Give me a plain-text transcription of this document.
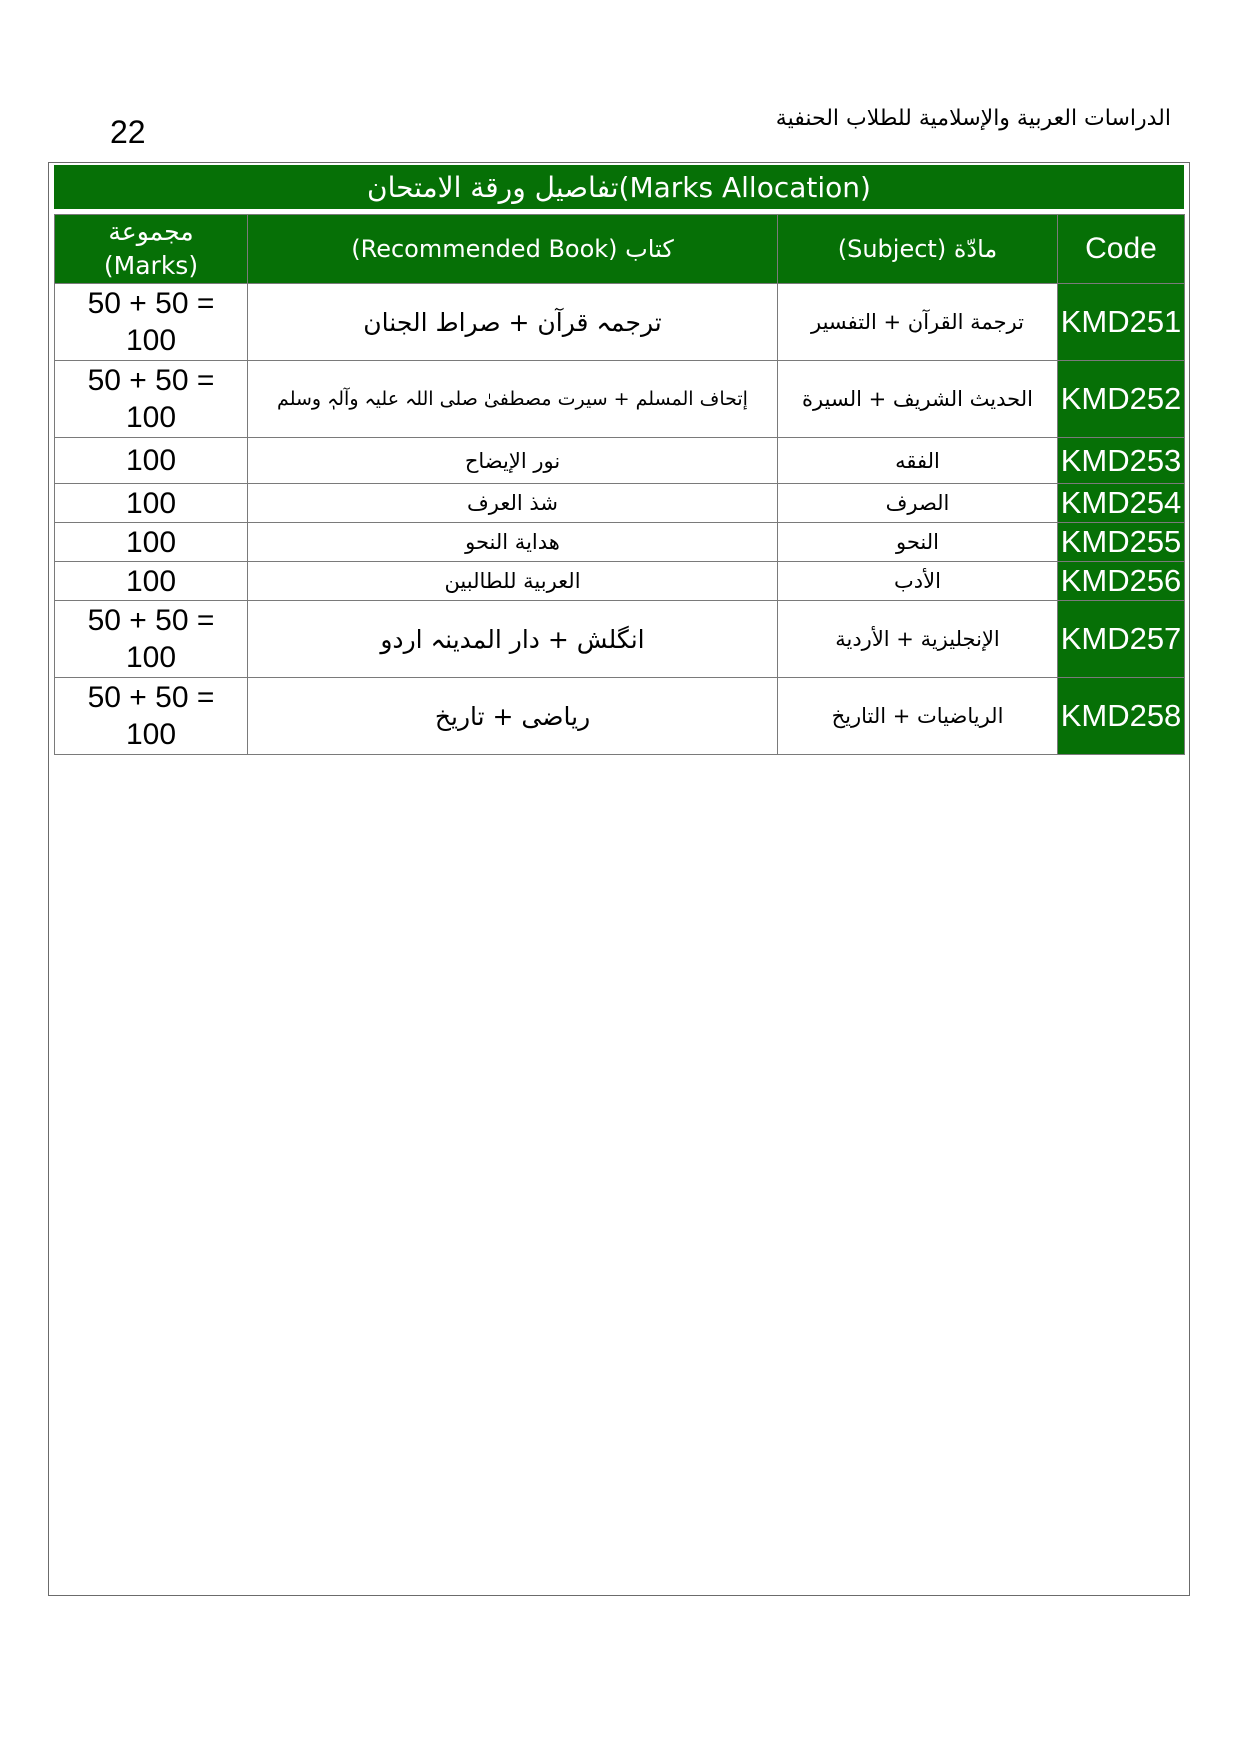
22	الدراسات العربية والإسلامية للطلاب الحنفية
تفاصيل ورقة الامتحان(Marks Allocation)
مجموعة
(Marks)	(Recommended Book) كتاب	(Subject) مادّة	Code

50 + 50 =
100	ترجمہ قرآن + صراط الجنان	ترجمة القرآن + التفسير	KMD251

50 + 50 =
100	إتحاف المسلم + سیرت مصطفیٰ صلی اللہ علیہ وآلہٖ وسلم	الحديث الشريف + السيرة	KMD252
100	نور الإيضاح	الفقه	KMD253
100	شذ العرف	الصرف	KMD254
100	هداية النحو	النحو	KMD255
100	العربية للطالبين	الأدب	KMD256

50 + 50 =
100	انگلش + دار المدینہ اردو	الإنجليزية + الأردية	KMD257

50 + 50 =
100	ریاضی + تاریخ	الرياضيات + التاريخ	KMD258
